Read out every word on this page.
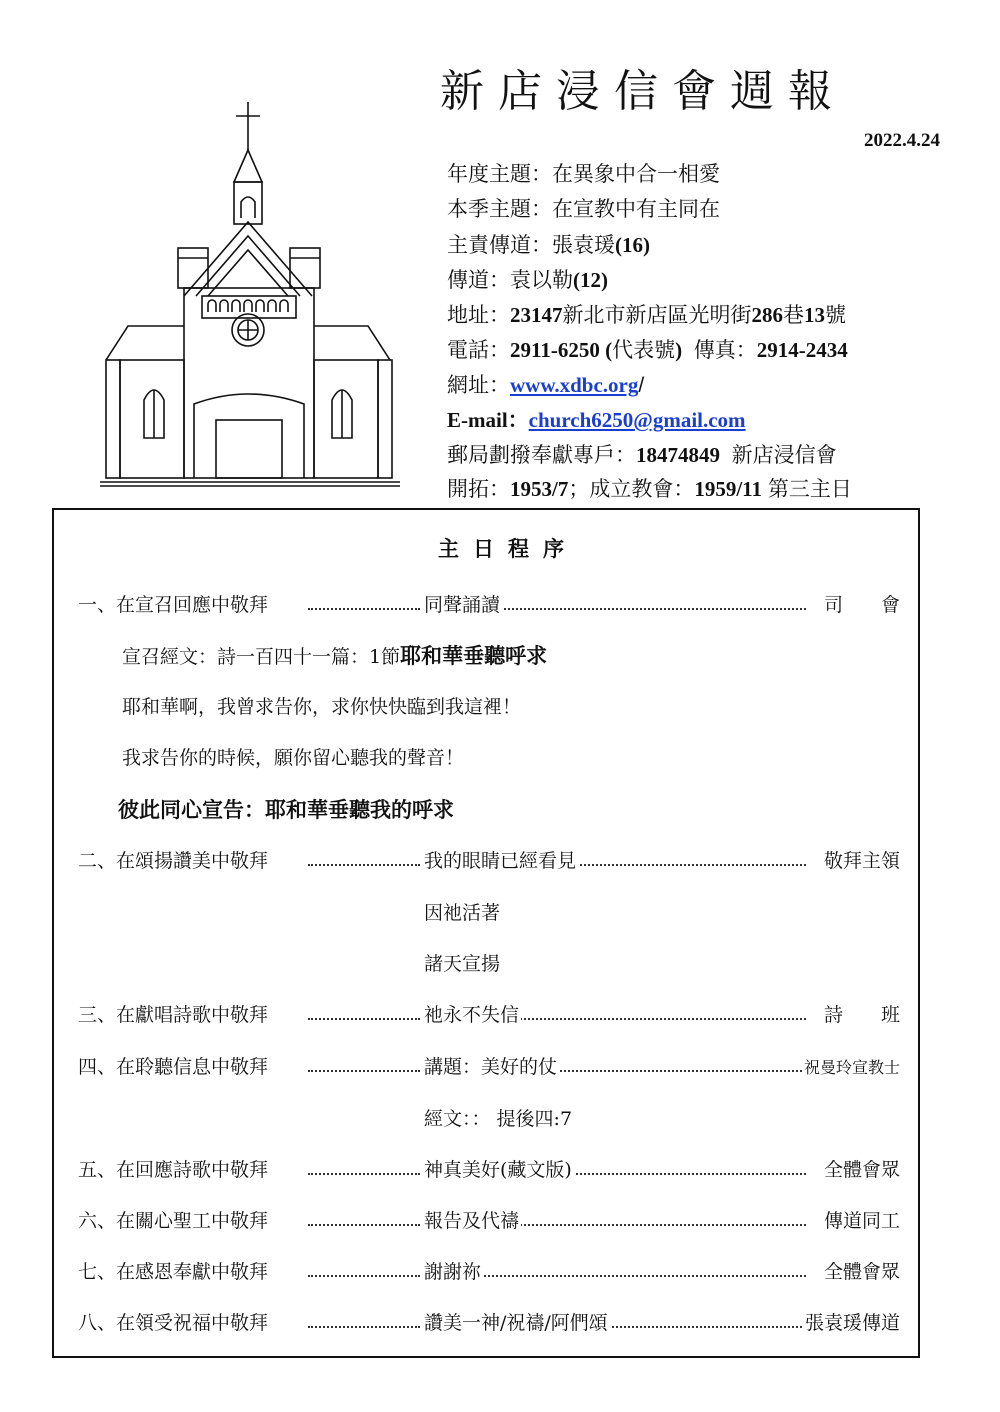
新店浸信會週報
2022.4.24
年度主題：在異象中合一相愛
本季主題：在宣教中有主同在
主責傳道：張袁瑗(16)
傳道：袁以勒(12)
地址：23147新北市新店區光明街286巷13號
電話：2911-6250 (代表號) 傳真：2914-2434
網址：www.xdbc.org/
E-mail：church6250@gmail.com
郵局劃撥奉獻專戶：18474849 新店浸信會
開拓：1953/7；成立教會：1959/11 第三主日
主日程序
一、在宣召回應中敬拜	同聲誦讀	司　　會
宣召經文：詩一百四十一篇：1節耶和華垂聽呼求
耶和華啊，我曾求告你，求你快快臨到我這裡！
我求告你的時候，願你留心聽我的聲音！
彼此同心宣告：耶和華垂聽我的呼求
二、在頌揚讚美中敬拜	我的眼睛已經看見	敬拜主領
因祂活著
諸天宣揚
三、在獻唱詩歌中敬拜	祂永不失信	詩　　班
四、在聆聽信息中敬拜	講題：美好的仗	祝曼玲宣教士
經文：： 提後四:7
五、在回應詩歌中敬拜	神真美好(藏文版)	全體會眾
六、在關心聖工中敬拜	報告及代禱	傳道同工
七、在感恩奉獻中敬拜	謝謝祢	全體會眾
八、在領受祝福中敬拜	讚美一神/祝禱/阿們頌	張袁瑗傳道
